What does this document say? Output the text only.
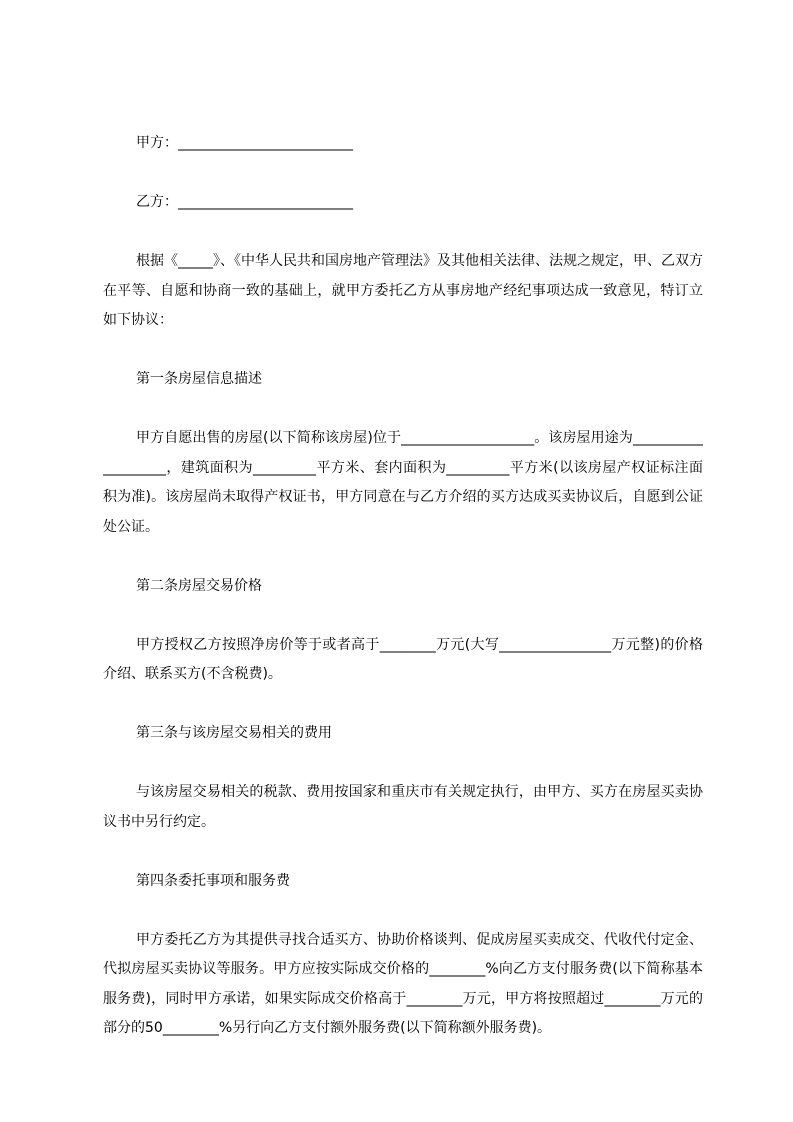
甲方：_________________________

乙方：_________________________

根据《_____》、《中华人民共和国房地产管理法》及其他相关法律、法规之规定，甲、乙双方在平等、自愿和协商一致的基础上，就甲方委托乙方从事房地产经纪事项达成一致意见，特订立如下协议：

第一条房屋信息描述

甲方自愿出售的房屋(以下简称该房屋)位于___________________。该房屋用途为___________________，建筑面积为_________平方米、套内面积为_________平方米(以该房屋产权证标注面积为准)。该房屋尚未取得产权证书，甲方同意在与乙方介绍的买方达成买卖协议后，自愿到公证处公证。

第二条房屋交易价格

甲方授权乙方按照净房价等于或者高于________万元(大写________________万元整)的价格介绍、联系买方(不含税费)。

第三条与该房屋交易相关的费用

与该房屋交易相关的税款、费用按国家和重庆市有关规定执行，由甲方、买方在房屋买卖协议书中另行约定。

第四条委托事项和服务费

甲方委托乙方为其提供寻找合适买方、协助价格谈判、促成房屋买卖成交、代收代付定金、代拟房屋买卖协议等服务。甲方应按实际成交价格的________%向乙方支付服务费(以下简称基本服务费)，同时甲方承诺，如果实际成交价格高于________万元，甲方将按照超过________万元的部分的50________%另行向乙方支付额外服务费(以下简称额外服务费)。
